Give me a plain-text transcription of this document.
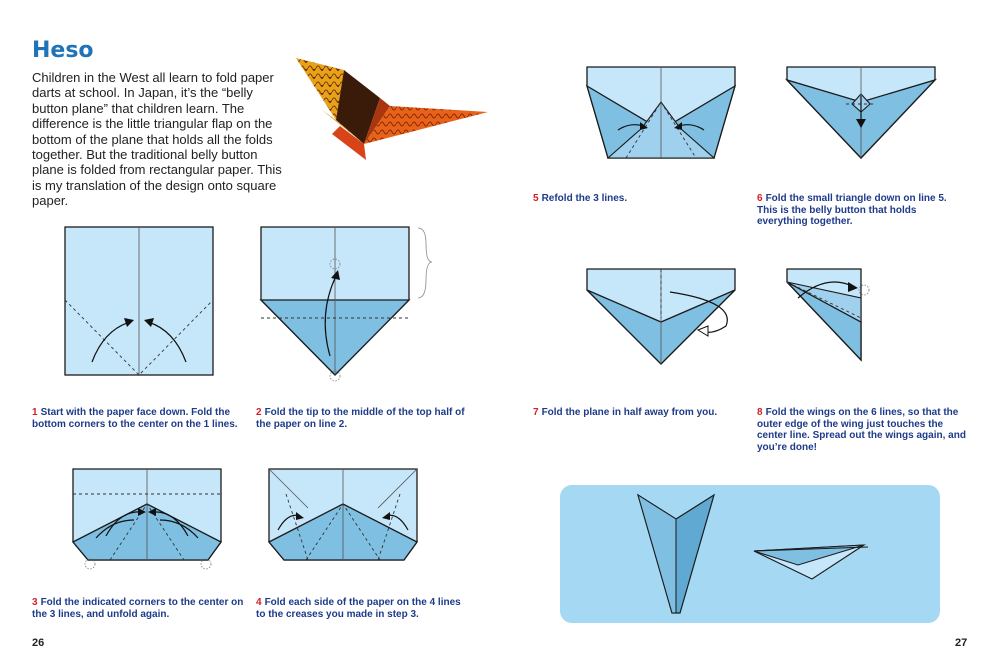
Heso

Children in the West all learn to fold paper darts at school. In Japan, it’s the “belly button plane” that children learn. The difference is the little triangular flap on the bottom of the plane that holds all the folds together. But the traditional belly button plane is folded from rectangular paper. This is my translation of the design onto square paper.

1 Start with the paper face down. Fold the bottom corners to the center on the 1 lines.

2 Fold the tip to the middle of the top half of the paper on line 2.

3 Fold the indicated corners to the center on the 3 lines, and unfold again.

4 Fold each side of the paper on the 4 lines to the creases you made in step 3.

5 Refold the 3 lines.	6 Fold the small triangle down on line 5. This is the belly button that holds everything together.

7 Fold the plane in half away from you.	8 Fold the wings on the 6 lines, so that the outer edge of the wing just touches the center line. Spread out the wings again, and you’re done!

26	27
